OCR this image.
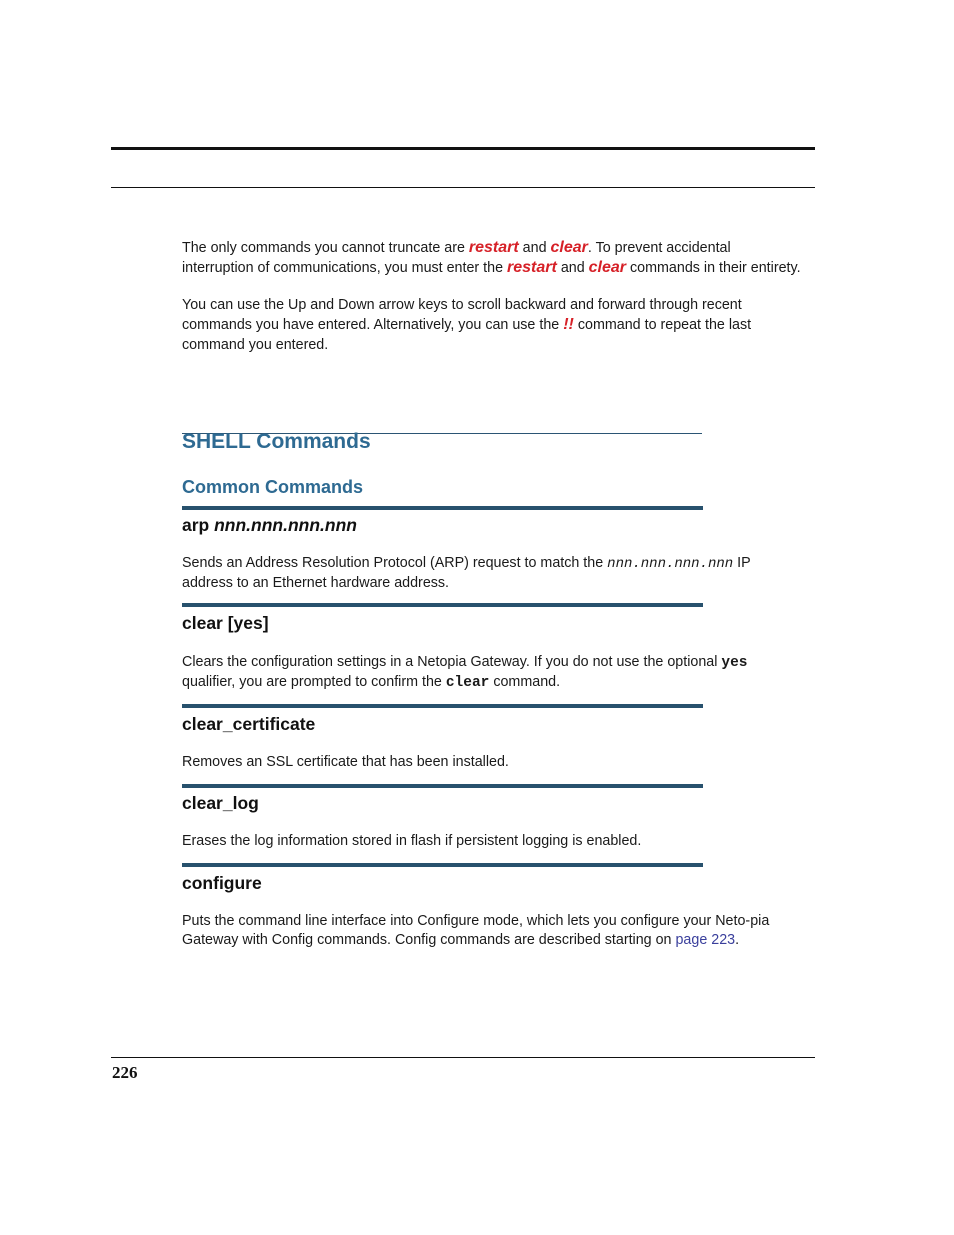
The only commands you cannot truncate are restart and clear. To prevent accidental interruption of communications, you must enter the restart and clear commands in their entirety.

You can use the Up and Down arrow keys to scroll backward and forward through recent commands you have entered. Alternatively, you can use the !! command to repeat the last command you entered.

SHELL Commands
Common Commands
arp nnn.nnn.nnn.nnn

Sends an Address Resolution Protocol (ARP) request to match the nnn.nnn.nnn.nnn IP address to an Ethernet hardware address.

clear [yes]

Clears the configuration settings in a Netopia Gateway. If you do not use the optional yes qualifier, you are prompted to confirm the clear command.

clear_certificate

Removes an SSL certificate that has been installed.

clear_log

Erases the log information stored in flash if persistent logging is enabled.

configure

Puts the command line interface into Configure mode, which lets you configure your Neto-pia Gateway with Config commands. Config commands are described starting on page 223.

226
